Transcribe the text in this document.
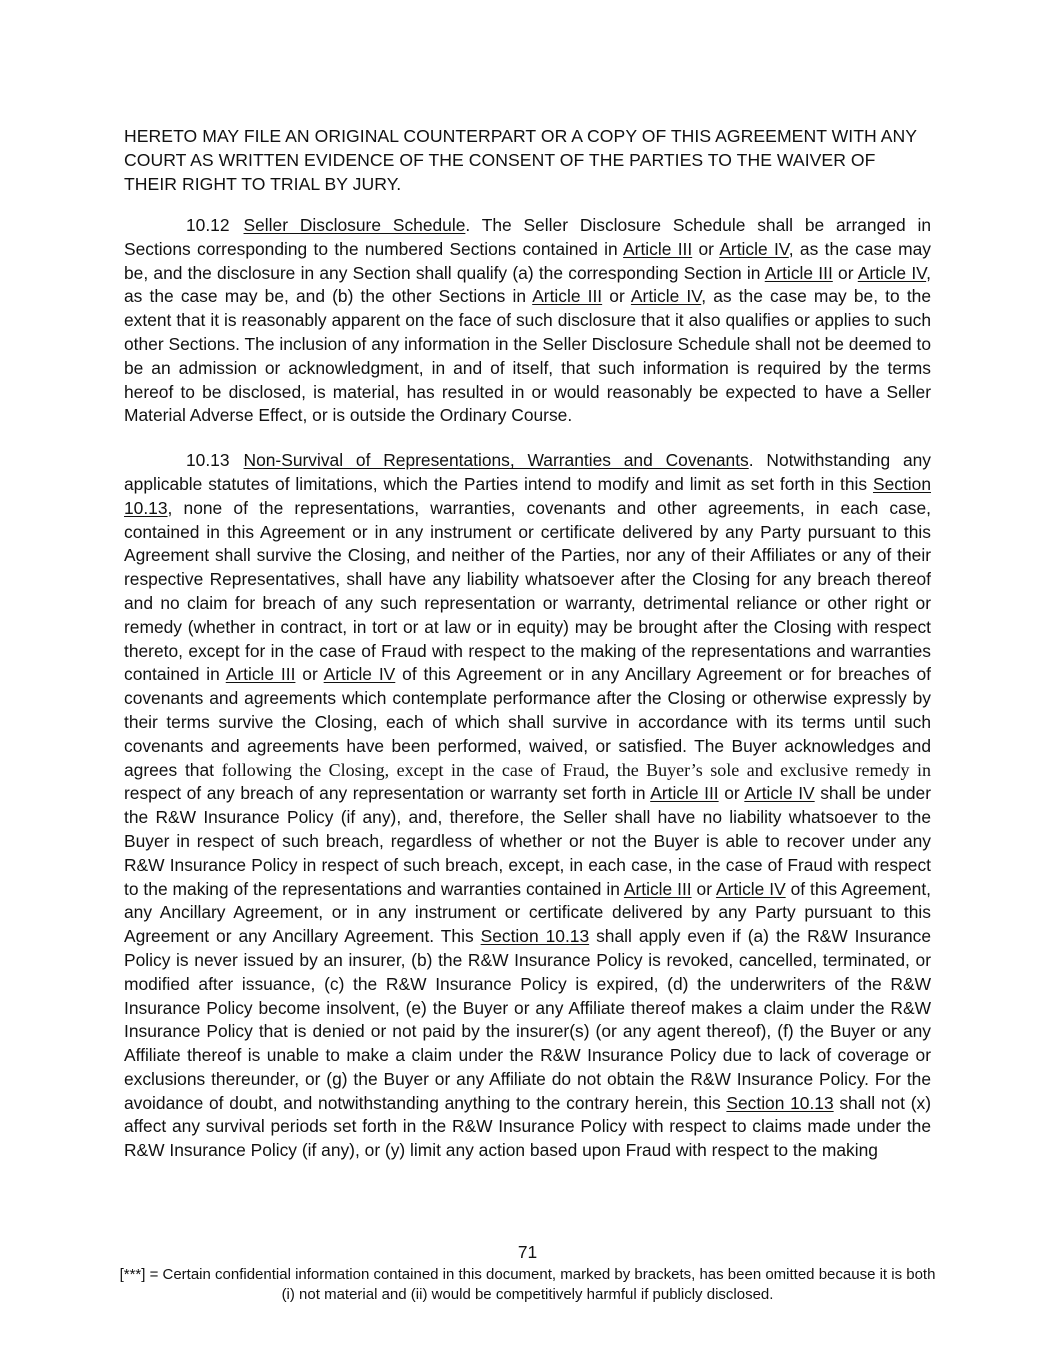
HERETO MAY FILE AN ORIGINAL COUNTERPART OR A COPY OF THIS AGREEMENT WITH ANY COURT AS WRITTEN EVIDENCE OF THE CONSENT OF THE PARTIES TO THE WAIVER OF THEIR RIGHT TO TRIAL BY JURY.

10.12 Seller Disclosure Schedule. The Seller Disclosure Schedule shall be arranged in Sections corresponding to the numbered Sections contained in Article III or Article IV, as the case may be, and the disclosure in any Section shall qualify (a) the corresponding Section in Article III or Article IV, as the case may be, and (b) the other Sections in Article III or Article IV, as the case may be, to the extent that it is reasonably apparent on the face of such disclosure that it also qualifies or applies to such other Sections. The inclusion of any information in the Seller Disclosure Schedule shall not be deemed to be an admission or acknowledgment, in and of itself, that such information is required by the terms hereof to be disclosed, is material, has resulted in or would reasonably be expected to have a Seller Material Adverse Effect, or is outside the Ordinary Course.

10.13 Non-Survival of Representations, Warranties and Covenants. Notwithstanding any applicable statutes of limitations, which the Parties intend to modify and limit as set forth in this Section 10.13, none of the representations, warranties, covenants and other agreements, in each case, contained in this Agreement or in any instrument or certificate delivered by any Party pursuant to this Agreement shall survive the Closing, and neither of the Parties, nor any of their Affiliates or any of their respective Representatives, shall have any liability whatsoever after the Closing for any breach thereof and no claim for breach of any such representation or warranty, detrimental reliance or other right or remedy (whether in contract, in tort or at law or in equity) may be brought after the Closing with respect thereto, except for in the case of Fraud with respect to the making of the representations and warranties contained in Article III or Article IV of this Agreement or in any Ancillary Agreement or for breaches of covenants and agreements which contemplate performance after the Closing or otherwise expressly by their terms survive the Closing, each of which shall survive in accordance with its terms until such covenants and agreements have been performed, waived, or satisfied. The Buyer acknowledges and agrees that following the Closing, except in the case of Fraud, the Buyer’s sole and exclusive remedy in respect of any breach of any representation or warranty set forth in Article III or Article IV shall be under the R&W Insurance Policy (if any), and, therefore, the Seller shall have no liability whatsoever to the Buyer in respect of such breach, regardless of whether or not the Buyer is able to recover under any R&W Insurance Policy in respect of such breach, except, in each case, in the case of Fraud with respect to the making of the representations and warranties contained in Article III or Article IV of this Agreement, any Ancillary Agreement, or in any instrument or certificate delivered by any Party pursuant to this Agreement or any Ancillary Agreement. This Section 10.13 shall apply even if (a) the R&W Insurance Policy is never issued by an insurer, (b) the R&W Insurance Policy is revoked, cancelled, terminated, or modified after issuance, (c) the R&W Insurance Policy is expired, (d) the underwriters of the R&W Insurance Policy become insolvent, (e) the Buyer or any Affiliate thereof makes a claim under the R&W Insurance Policy that is denied or not paid by the insurer(s) (or any agent thereof), (f) the Buyer or any Affiliate thereof is unable to make a claim under the R&W Insurance Policy due to lack of coverage or exclusions thereunder, or (g) the Buyer or any Affiliate do not obtain the R&W Insurance Policy. For the avoidance of doubt, and notwithstanding anything to the contrary herein, this Section 10.13 shall not (x) affect any survival periods set forth in the R&W Insurance Policy with respect to claims made under the R&W Insurance Policy (if any), or (y) limit any action based upon Fraud with respect to the making

71
[***] = Certain confidential information contained in this document, marked by brackets, has been omitted because it is both (i) not material and (ii) would be competitively harmful if publicly disclosed.
